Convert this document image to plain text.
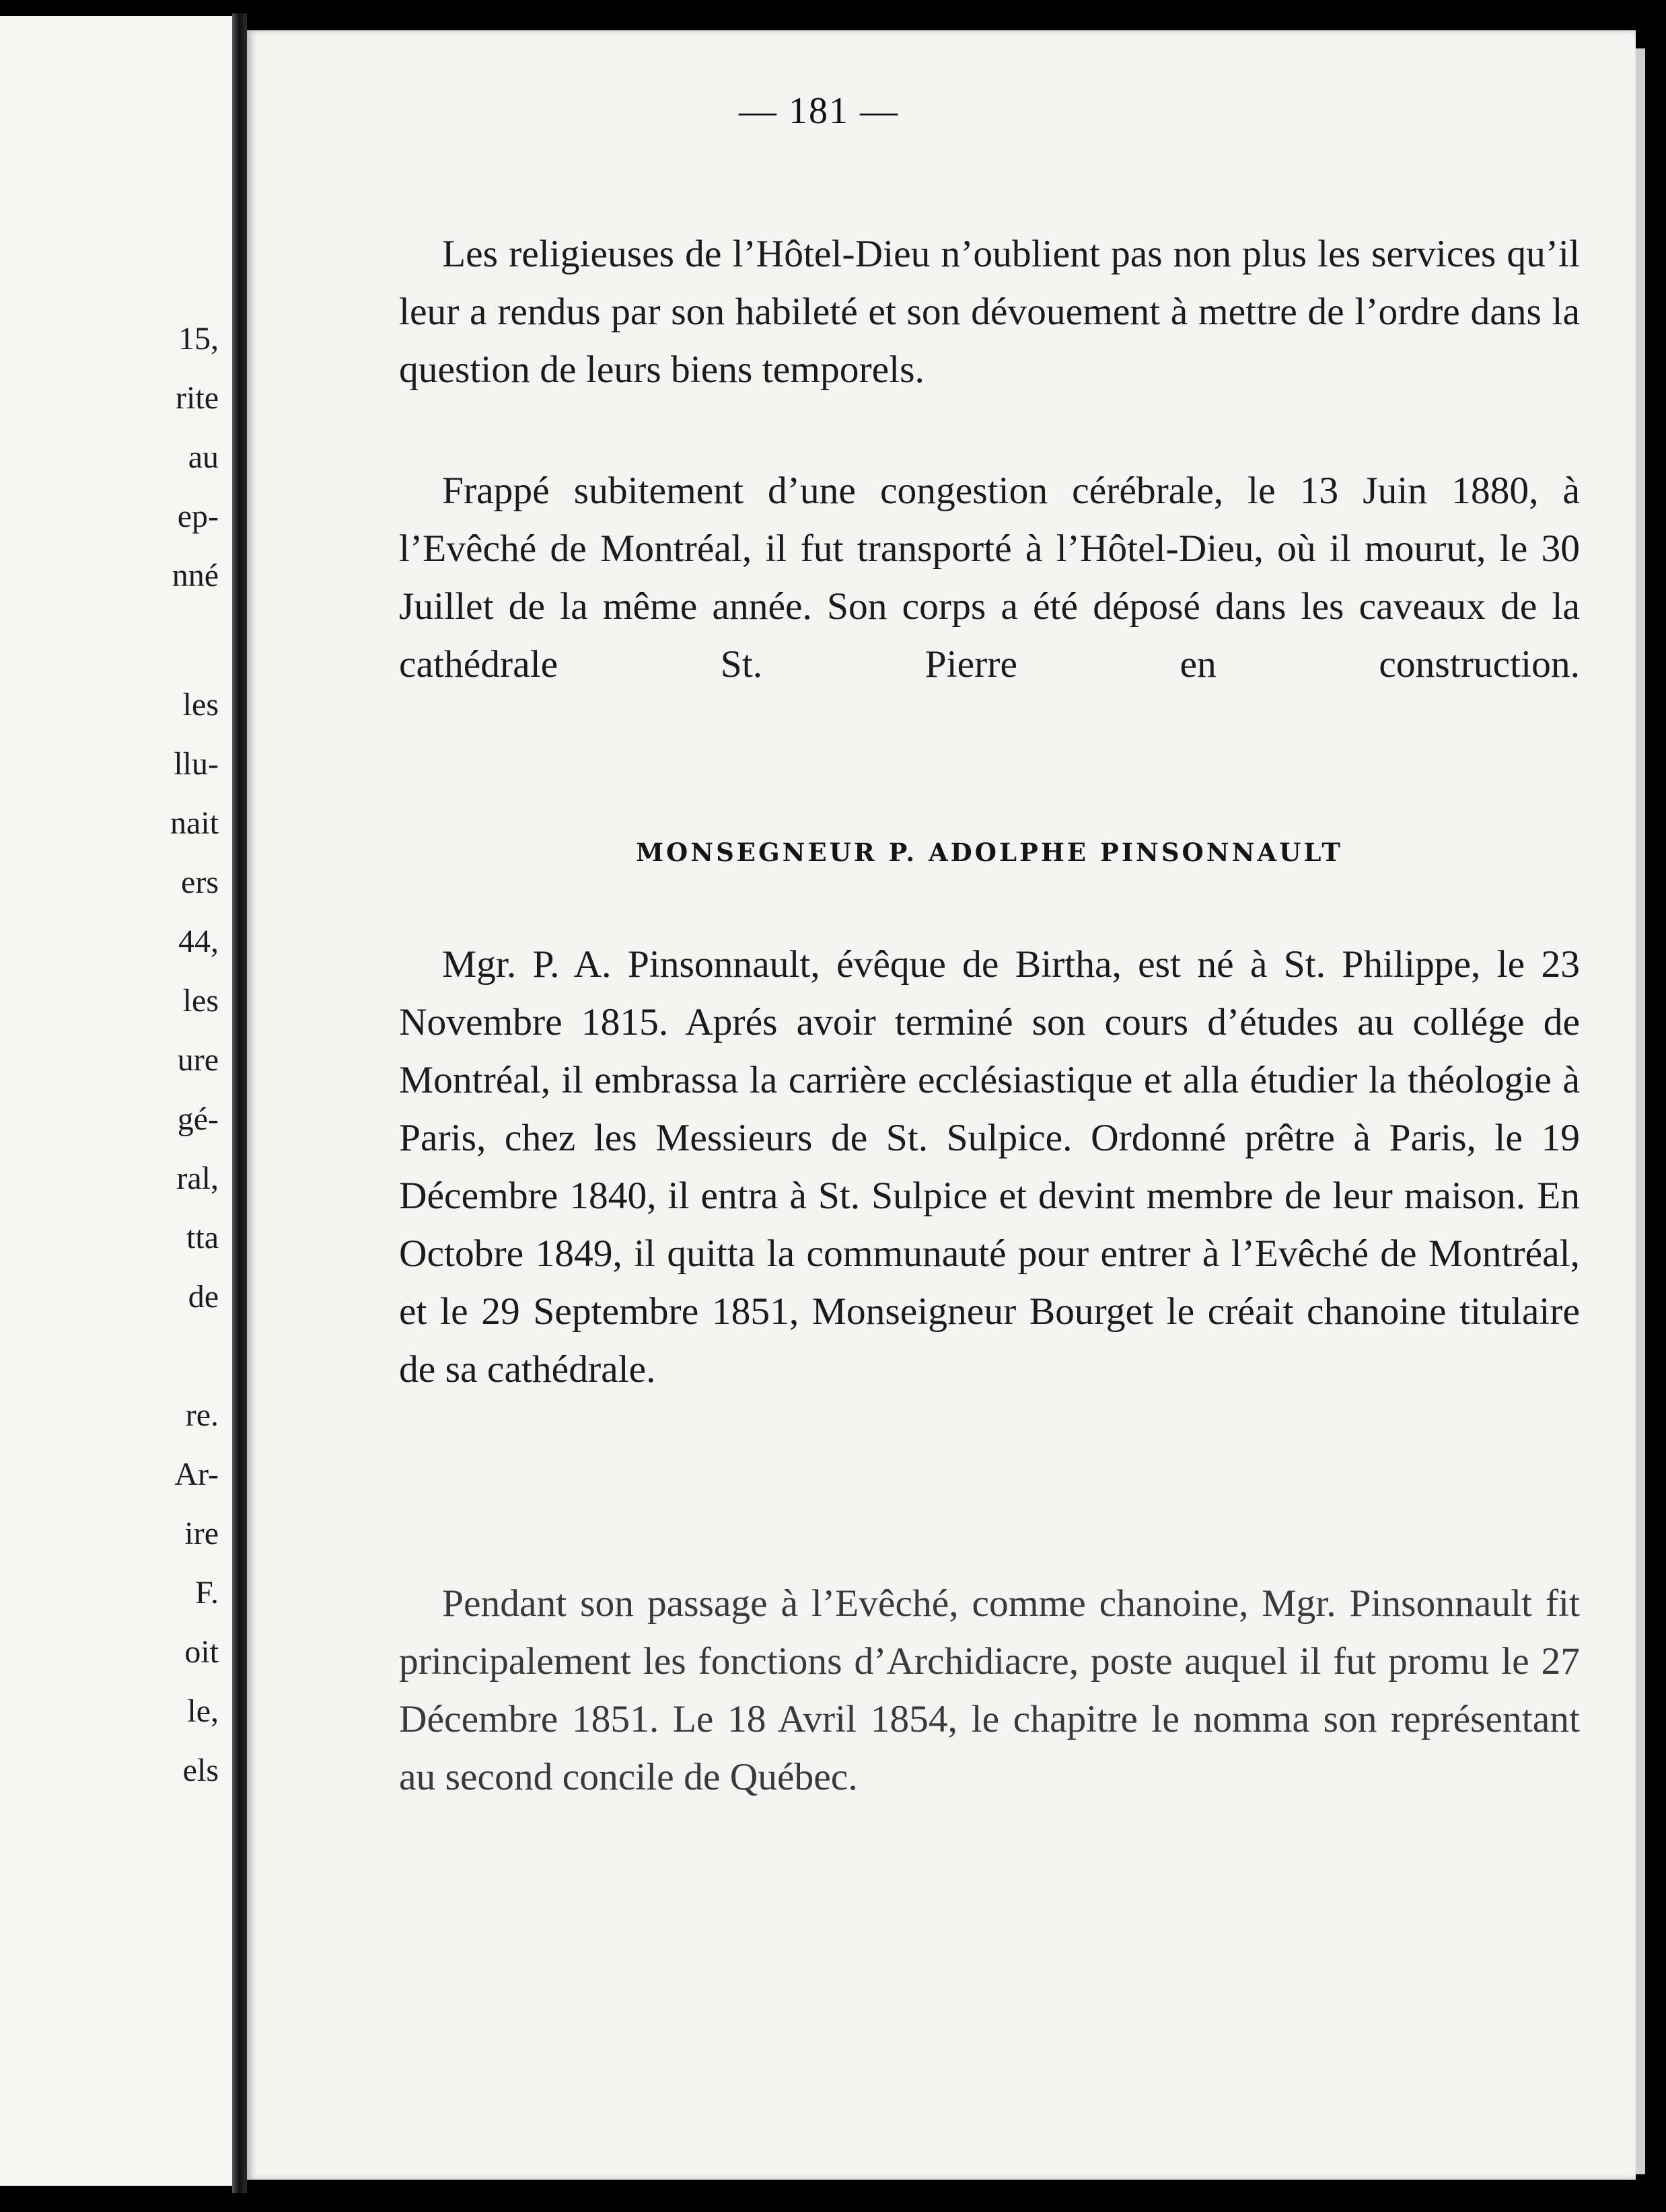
15,

rite

au

ep-

nné

les

llu-

nait

ers

44,

les

ure

gé-

ral,

tta

de

re.

Ar-

ire

F.

oit

le,

els

— 181 —

Les religieuses de l’Hôtel-Dieu n’oublient pas non plus les services qu’il leur a rendus par son habileté et son dévouement à mettre de l’ordre dans la question de leurs biens temporels.

Frappé subitement d’une congestion cérébrale, le 13 Juin 1880, à l’Evêché de Montréal, il fut transporté à l’Hôtel-Dieu, où il mourut, le 30 Juillet de la même année. Son corps a été déposé dans les caveaux de la cathédrale St. Pierre en construction.

MONSEGNEUR P. ADOLPHE PINSONNAULT

Mgr. P. A. Pinsonnault, évêque de Birtha, est né à St. Philippe, le 23 Novembre 1815. Aprés avoir terminé son cours d’études au collége de Montréal, il embrassa la carrière ecclésiastique et alla étudier la théologie à Paris, chez les Messieurs de St. Sulpice. Ordonné prêtre à Paris, le 19 Décembre 1840, il entra à St. Sulpice et devint membre de leur maison. En Octobre 1849, il quitta la communauté pour entrer à l’Evêché de Montréal, et le 29 Septembre 1851, Monseigneur Bourget le créait chanoine titulaire de sa cathédrale.

Pendant son passage à l’Evêché, comme chanoine, Mgr. Pinsonnault fit principalement les fonctions d’Archidiacre, poste auquel il fut promu le 27 Décembre 1851. Le 18 Avril 1854, le chapitre le nomma son représentant au second concile de Québec.
